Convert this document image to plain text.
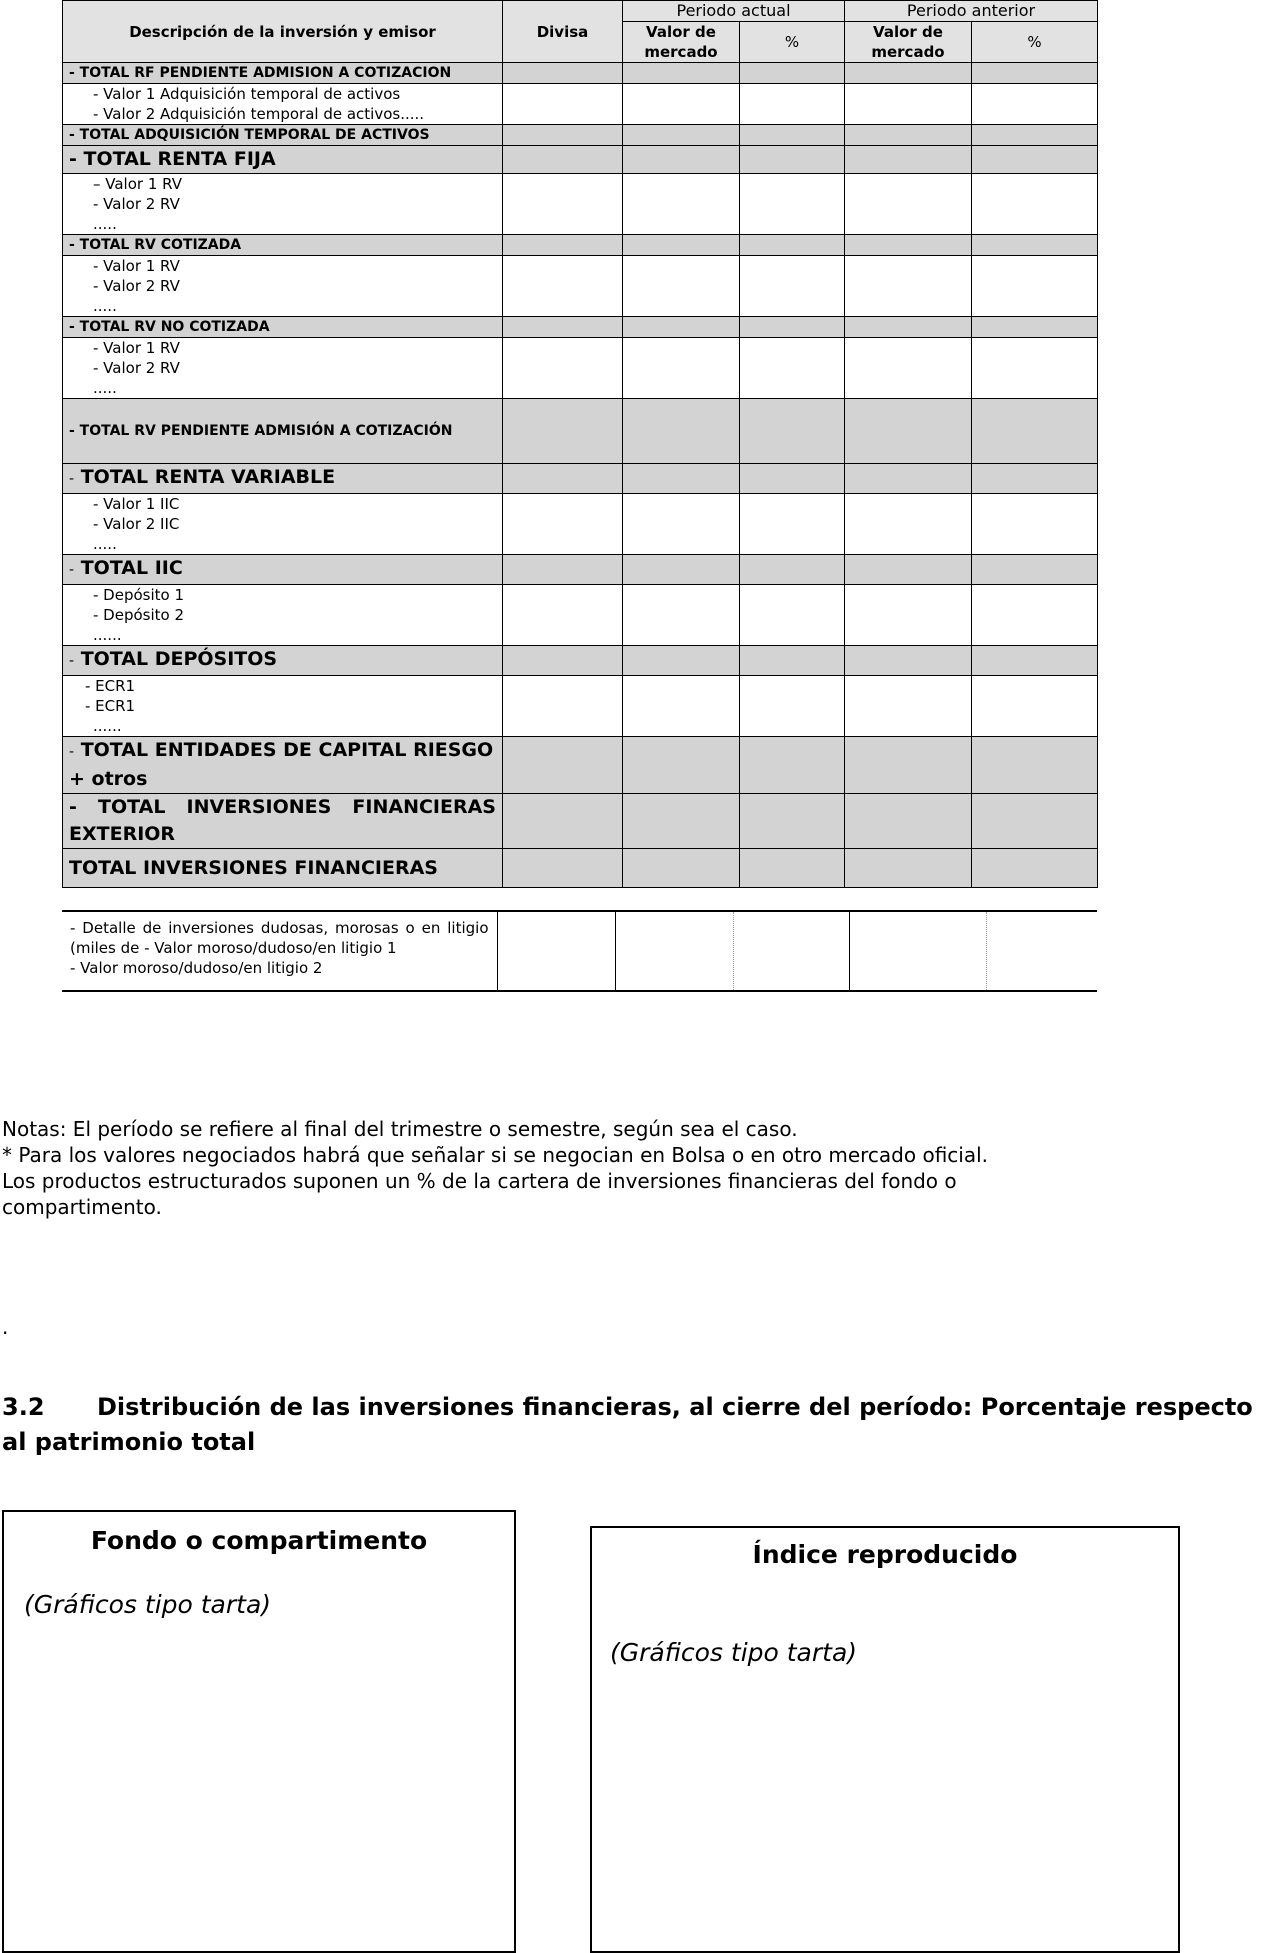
Descripción de la inversión y emisor	Divisa	Periodo actual		Periodo anterior	
		Valor de mercado	%	Valor de mercado	%
- TOTAL RF PENDIENTE ADMISION A COTIZACION					

- Valor 1 Adquisición temporal de activos
- Valor 2 Adquisición temporal de activos.....					

- TOTAL ADQUISICIÓN TEMPORAL DE ACTIVOS					
- TOTAL RENTA FIJA					

– Valor 1 RV
- Valor 2 RV
.....					

- TOTAL RV COTIZADA					

- Valor 1 RV
- Valor 2 RV
.....					

- TOTAL RV NO COTIZADA					

- Valor 1 RV
- Valor 2 RV
.....					

- TOTAL RV PENDIENTE ADMISIÓN A COTIZACIÓN					
- TOTAL RENTA VARIABLE					

- Valor 1 IIC
- Valor 2 IIC
.....					

- TOTAL IIC					

- Depósito 1
- Depósito 2
......					

- TOTAL DEPÓSITOS					

- ECR1
- ECR1
......					

- TOTAL ENTIDADES DE CAPITAL RIESGO + otros					
- TOTAL INVERSIONES FINANCIERAS EXTERIOR					
TOTAL INVERSIONES FINANCIERAS					
- Detalle de inversiones dudosas, morosas o en litigio (miles de - Valor moroso/dudoso/en litigio 1
- Valor moroso/dudoso/en litigio 2					

Notas: El período se refiere al final del trimestre o semestre, según sea el caso.

* Para los valores negociados habrá que señalar si se negocian en Bolsa o en otro mercado oficial.

Los productos estructurados suponen un % de la cartera de inversiones financieras del fondo o compartimento.

.
3.2 Distribución de las inversiones financieras, al cierre del período: Porcentaje respecto al patrimonio total
Fondo o compartimento
(Gráficos tipo tarta)
Índice reproducido
(Gráficos tipo tarta)
